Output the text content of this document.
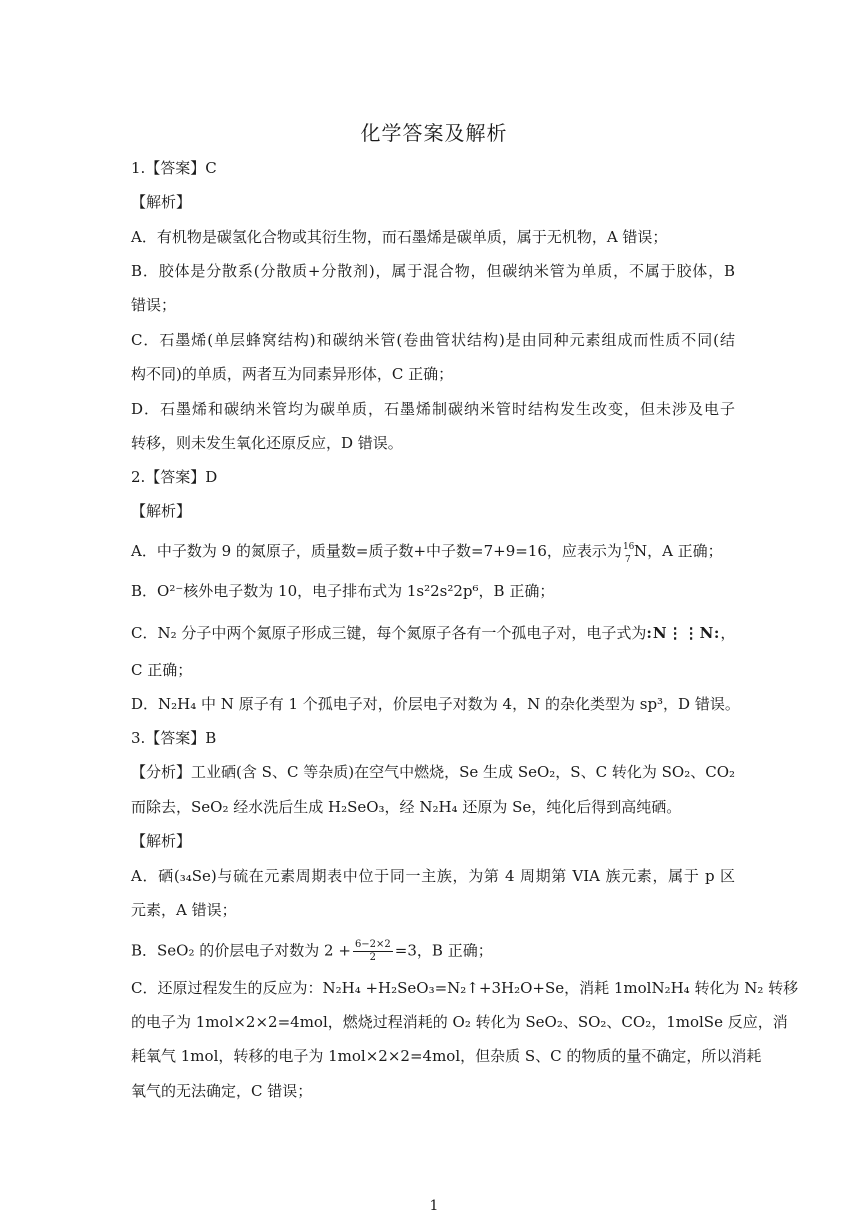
化学答案及解析
1.【答案】C
【解析】
A．有机物是碳氢化合物或其衍生物，而石墨烯是碳单质，属于无机物，A 错误；
B．胶体是分散系(分散质+分散剂)，属于混合物，但碳纳米管为单质，不属于胶体，B
错误；
C．石墨烯(单层蜂窝结构)和碳纳米管(卷曲管状结构)是由同种元素组成而性质不同(结
构不同)的单质，两者互为同素异形体，C 正确；
D．石墨烯和碳纳米管均为碳单质，石墨烯制碳纳米管时结构发生改变，但未涉及电子
转移，则未发生氧化还原反应，D 错误。
2.【答案】D
【解析】
A．中子数为 9 的氮原子，质量数=质子数+中子数=7+9=16，应表示为 16
7 N，A 正确；
B．O²⁻核外电子数为 10，电子排布式为 1s²2s²2p⁶，B 正确；
C．N₂ 分子中两个氮原子形成三键，每个氮原子各有一个孤电子对，电子式为:N⋮⋮N:，
C 正确；
D．N₂H₄ 中 N 原子有 1 个孤电子对，价层电子对数为 4，N 的杂化类型为 sp³，D 错误。
3.【答案】B
【分析】工业硒(含 S、C 等杂质)在空气中燃烧，Se 生成 SeO₂，S、C 转化为 SO₂、CO₂
而除去，SeO₂ 经水洗后生成 H₂SeO₃，经 N₂H₄ 还原为 Se，纯化后得到高纯硒。
【解析】
A．硒(₃₄Se)与硫在元素周期表中位于同一主族，为第 4 周期第 VIA 族元素，属于 p 区
元素，A 错误；
B．SeO₂ 的价层电子对数为 $2 + \frac{6-2\times 2}{2} =3$，B 正确；
C．还原过程发生的反应为：N₂H₄ +H₂SeO₃=N₂↑+3H₂O+Se，消耗 1molN₂H₄ 转化为 N₂ 转移
的电子为 1mol×2×2=4mol，燃烧过程消耗的 O₂ 转化为 SeO₂、SO₂、CO₂，1molSe 反应，消
耗氧气 1mol，转移的电子为 1mol×2×2=4mol，但杂质 S、C 的物质的量不确定，所以消耗
氧气的无法确定，C 错误；
1
